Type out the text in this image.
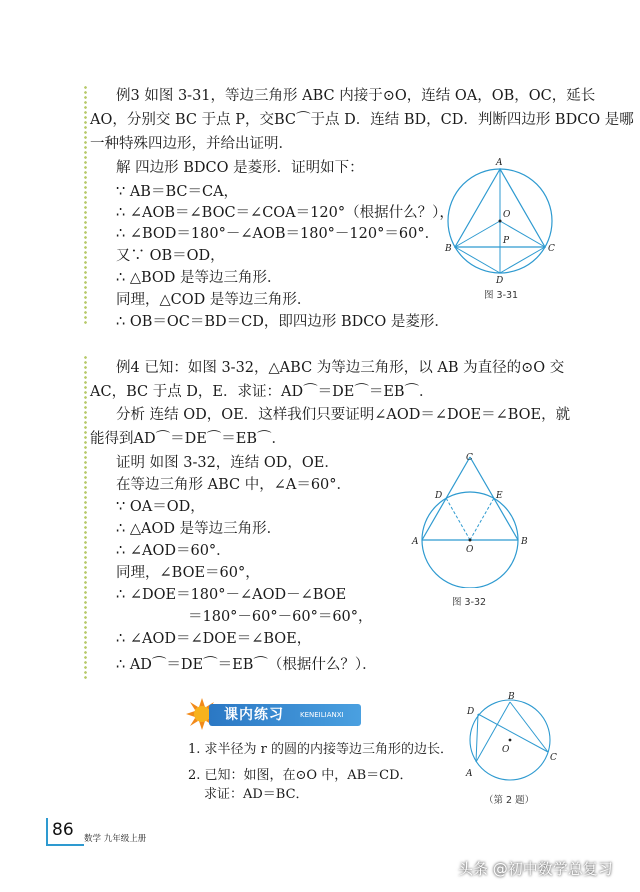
例3 如图 3-31，等边三角形 ABC 内接于⊙O，连结 OA，OB，OC，延长
AO，分别交 BC 于点 P，交BC⌒于点 D．连结 BD，CD．判断四边形 BDCO 是哪
一种特殊四边形，并给出证明．
解 四边形 BDCO 是菱形．证明如下：
∵ AB＝BC＝CA，
∴ ∠AOB＝∠BOC＝∠COA＝120°（根据什么？），
∴ ∠BOD＝180°－∠AOB＝180°－120°＝60°．
又∵ OB＝OD，
∴ △BOD 是等边三角形．
同理，△COD 是等边三角形．
∴ OB＝OC＝BD＝CD，即四边形 BDCO 是菱形．
A
B	C
D
O
P
图 3-31
例4 已知：如图 3-32，△ABC 为等边三角形，以 AB 为直径的⊙O 交
AC，BC 于点 D，E．求证：AD⌒＝DE⌒＝EB⌒．
分析 连结 OD，OE．这样我们只要证明∠AOD＝∠DOE＝∠BOE，就
能得到AD⌒＝DE⌒＝EB⌒．
证明 如图 3-32，连结 OD，OE．
在等边三角形 ABC 中，∠A＝60°．
∵ OA＝OD，
∴ △AOD 是等边三角形．
∴ ∠AOD＝60°．
同理，∠BOE＝60°，
∴ ∠DOE＝180°－∠AOD－∠BOE
＝180°－60°－60°＝60°，
∴ ∠AOD＝∠DOE＝∠BOE，
∴ AD⌒＝DE⌒＝EB⌒（根据什么？）．
C
D	E
A	B
O
图 3-32
课内练习 KENEILIANXI
1. 求半径为 r 的圆的内接等边三角形的边长．
2. 已知：如图，在⊙O 中，AB＝CD．
求证：AD＝BC．
B
D
O
C
A
（第 2 题）
86 数学 九年级上册
头条 @初中数学总复习
